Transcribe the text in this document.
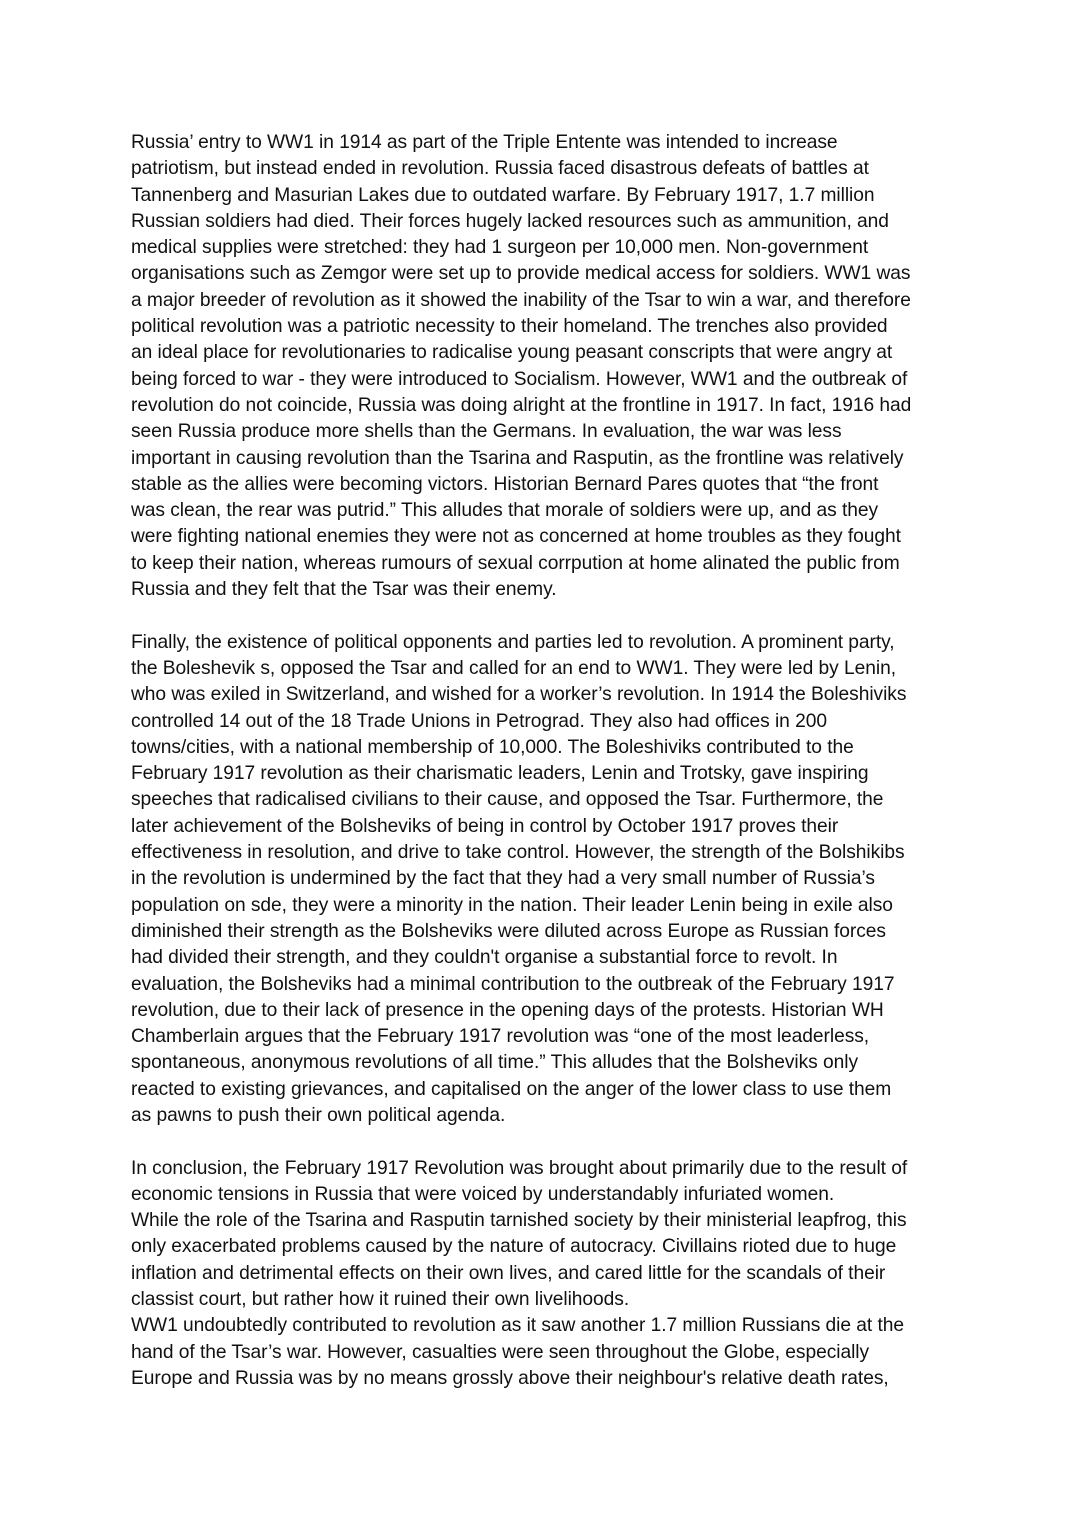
Russia’ entry to WW1 in 1914 as part of the Triple Entente was intended to increase
patriotism, but instead ended in revolution. Russia faced disastrous defeats of battles at
Tannenberg and Masurian Lakes due to outdated warfare. By February 1917, 1.7 million
Russian soldiers had died. Their forces hugely lacked resources such as ammunition, and
medical supplies were stretched: they had 1 surgeon per 10,000 men. Non-government
organisations such as Zemgor were set up to provide medical access for soldiers. WW1 was
a major breeder of revolution as it showed the inability of the Tsar to win a war, and therefore
political revolution was a patriotic necessity to their homeland. The trenches also provided
an ideal place for revolutionaries to radicalise young peasant conscripts that were angry at
being forced to war - they were introduced to Socialism. However, WW1 and the outbreak of
revolution do not coincide, Russia was doing alright at the frontline in 1917. In fact, 1916 had
seen Russia produce more shells than the Germans. In evaluation, the war was less
important in causing revolution than the Tsarina and Rasputin, as the frontline was relatively
stable as the allies were becoming victors. Historian Bernard Pares quotes that “the front
was clean, the rear was putrid.” This alludes that morale of soldiers were up, and as they
were fighting national enemies they were not as concerned at home troubles as they fought
to keep their nation, whereas rumours of sexual corrpution at home alinated the public from
Russia and they felt that the Tsar was their enemy.
Finally, the existence of political opponents and parties led to revolution. A prominent party,
the Boleshevik s, opposed the Tsar and called for an end to WW1. They were led by Lenin,
who was exiled in Switzerland, and wished for a worker’s revolution. In 1914 the Boleshiviks
controlled 14 out of the 18 Trade Unions in Petrograd. They also had offices in 200
towns/cities, with a national membership of 10,000. The Boleshiviks contributed to the
February 1917 revolution as their charismatic leaders, Lenin and Trotsky, gave inspiring
speeches that radicalised civilians to their cause, and opposed the Tsar. Furthermore, the
later achievement of the Bolsheviks of being in control by October 1917 proves their
effectiveness in resolution, and drive to take control. However, the strength of the Bolshikibs
in the revolution is undermined by the fact that they had a very small number of Russia’s
population on sde, they were a minority in the nation. Their leader Lenin being in exile also
diminished their strength as the Bolsheviks were diluted across Europe as Russian forces
had divided their strength, and they couldn't organise a substantial force to revolt. In
evaluation, the Bolsheviks had a minimal contribution to the outbreak of the February 1917
revolution, due to their lack of presence in the opening days of the protests. Historian WH
Chamberlain argues that the February 1917 revolution was “one of the most leaderless,
spontaneous, anonymous revolutions of all time.” This alludes that the Bolsheviks only
reacted to existing grievances, and capitalised on the anger of the lower class to use them
as pawns to push their own political agenda.
In conclusion, the February 1917 Revolution was brought about primarily due to the result of
economic tensions in Russia that were voiced by understandably infuriated women.
While the role of the Tsarina and Rasputin tarnished society by their ministerial leapfrog, this
only exacerbated problems caused by the nature of autocracy. Civillains rioted due to huge
inflation and detrimental effects on their own lives, and cared little for the scandals of their
classist court, but rather how it ruined their own livelihoods.
WW1 undoubtedly contributed to revolution as it saw another 1.7 million Russians die at the
hand of the Tsar’s war. However, casualties were seen throughout the Globe, especially
Europe and Russia was by no means grossly above their neighbour's relative death rates,
